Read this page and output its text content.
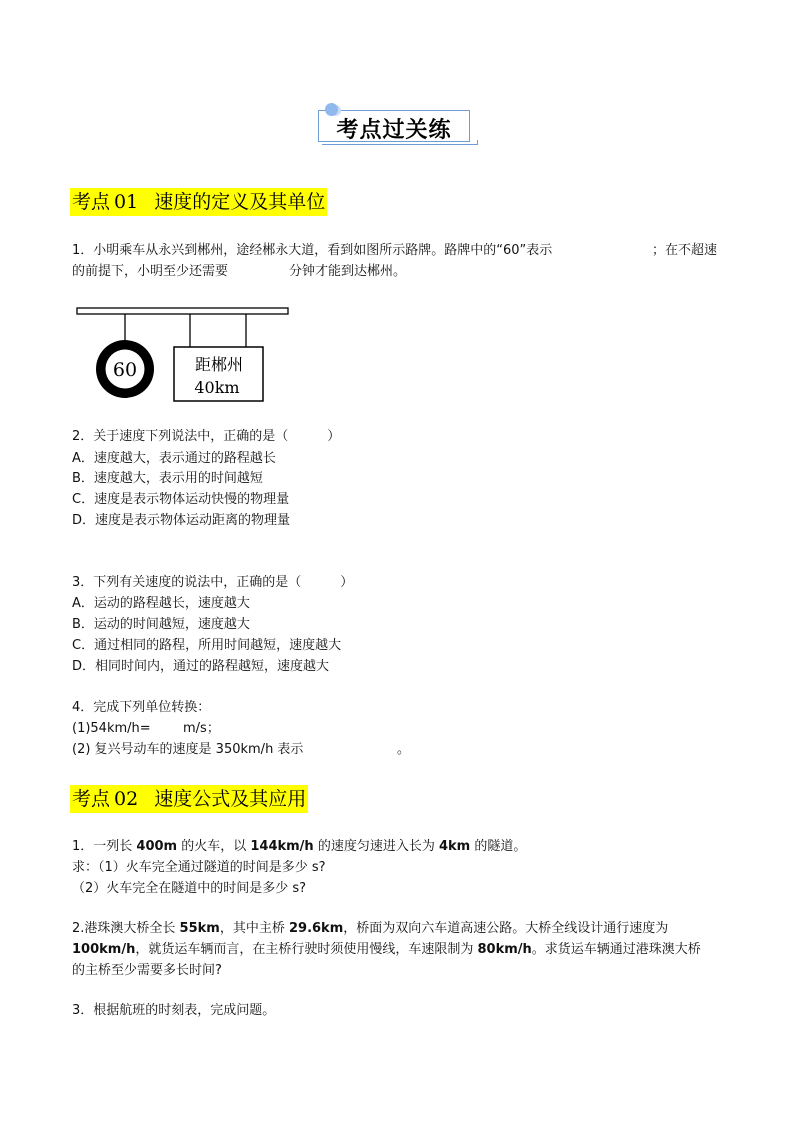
考点过关练
考点 01 速度的定义及其单位
1．小明乘车从永兴到郴州，途经郴永大道，看到如图所示路牌。路牌中的“60”表示	；在不超速
的前提下，小明至少还需要	分钟才能到达郴州。
60	距郴州
40km
2．关于速度下列说法中，正确的是（　　　）
A．速度越大，表示通过的路程越长
B．速度越大，表示用的时间越短
C．速度是表示物体运动快慢的物理量
D．速度是表示物体运动距离的物理量
3．下列有关速度的说法中，正确的是（　　　）
A．运动的路程越长，速度越大
B．运动的时间越短，速度越大
C．通过相同的路程，所用时间越短，速度越大
D．相同时间内，通过的路程越短，速度越大
4．完成下列单位转换：
(1)54km/h= m/s；
(2) 复兴号动车的速度是 350km/h 表示	。
考点 02 速度公式及其应用
1．一列长 400m 的火车，以 144km/h 的速度匀速进入长为 4km 的隧道。
求：（1）火车完全通过隧道的时间是多少 s?
（2）火车完全在隧道中的时间是多少 s?
2.港珠澳大桥全长 55km，其中主桥 29.6km，桥面为双向六车道高速公路。大桥全线设计通行速度为
100km/h，就货运车辆而言，在主桥行驶时须使用慢线，车速限制为 80km/h。求货运车辆通过港珠澳大桥
的主桥至少需要多长时间?
3．根据航班的时刻表，完成问题。
